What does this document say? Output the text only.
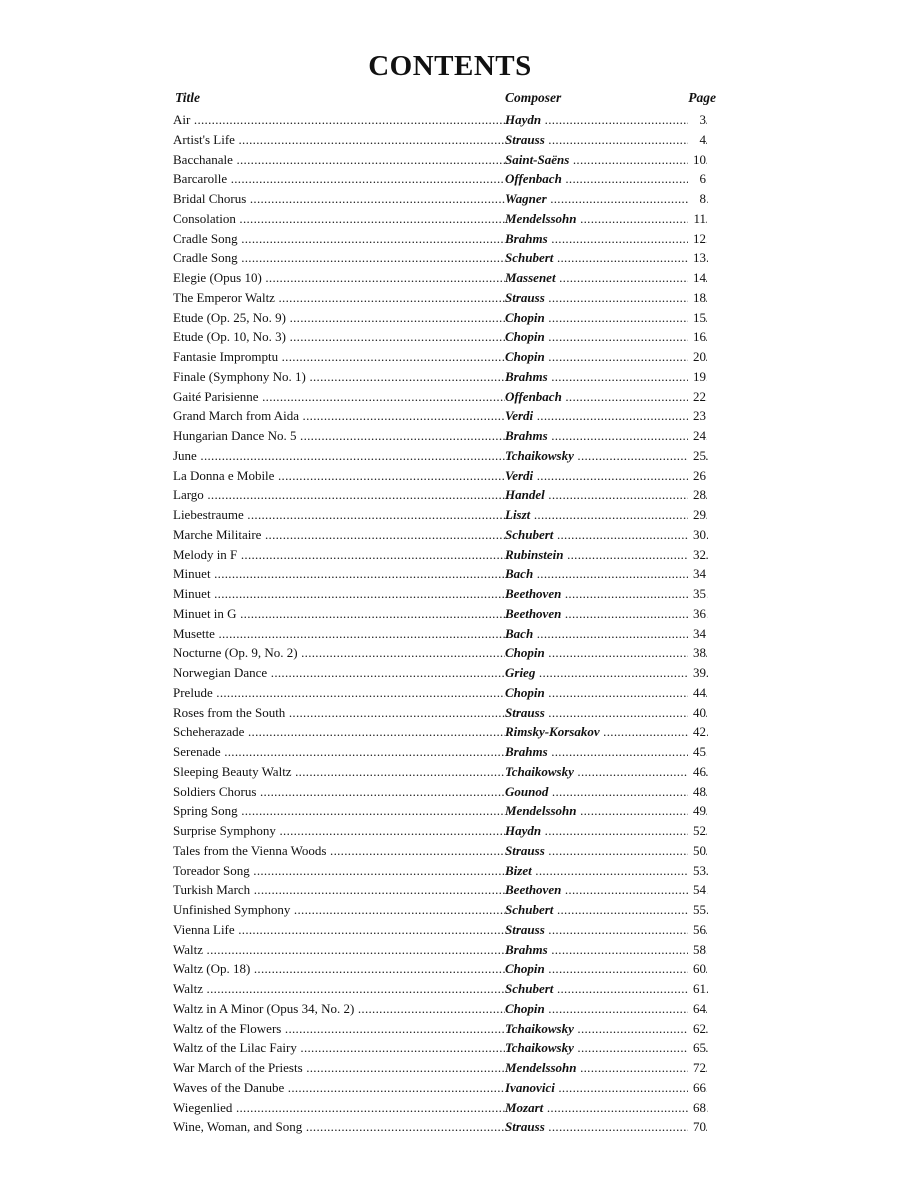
CONTENTS
Title	Composer	Page
Air .....	Haydn .....	3
Artist's Life .....	Strauss .....	4
Bacchanale .....	Saint-Saëns .....	10
Barcarolle .....	Offenbach .....	6
Bridal Chorus .....	Wagner .....	8
Consolation .....	Mendelssohn .....	11
Cradle Song .....	Brahms .....	12
Cradle Song .....	Schubert .....	13
Elegie (Opus 10) .....	Massenet .....	14
The Emperor Waltz .....	Strauss .....	18
Etude (Op. 25, No. 9) .....	Chopin .....	15
Etude (Op. 10, No. 3) .....	Chopin .....	16
Fantasie Impromptu .....	Chopin .....	20
Finale (Symphony No. 1) .....	Brahms .....	19
Gaité Parisienne .....	Offenbach .....	22
Grand March from Aida .....	Verdi .....	23
Hungarian Dance No. 5 .....	Brahms .....	24
June .....	Tchaikowsky .....	25
La Donna e Mobile .....	Verdi .....	26
Largo .....	Handel .....	28
Liebestraume .....	Liszt .....	29
Marche Militaire .....	Schubert .....	30
Melody in F .....	Rubinstein .....	32
Minuet .....	Bach .....	34
Minuet .....	Beethoven .....	35
Minuet in G .....	Beethoven .....	36
Musette .....	Bach .....	34
Nocturne (Op. 9, No. 2) .....	Chopin .....	38
Norwegian Dance .....	Grieg .....	39
Prelude .....	Chopin .....	44
Roses from the South .....	Strauss .....	40
Scheherazade .....	Rimsky-Korsakov .....	42
Serenade .....	Brahms .....	45
Sleeping Beauty Waltz .....	Tchaikowsky .....	46
Soldiers Chorus .....	Gounod .....	48
Spring Song .....	Mendelssohn .....	49
Surprise Symphony .....	Haydn .....	52
Tales from the Vienna Woods .....	Strauss .....	50
Toreador Song .....	Bizet .....	53
Turkish March .....	Beethoven .....	54
Unfinished Symphony .....	Schubert .....	55
Vienna Life .....	Strauss .....	56
Waltz .....	Brahms .....	58
Waltz (Op. 18) .....	Chopin .....	60
Waltz .....	Schubert .....	61
Waltz in A Minor (Opus 34, No. 2) .....	Chopin .....	64
Waltz of the Flowers .....	Tchaikowsky .....	62
Waltz of the Lilac Fairy .....	Tchaikowsky .....	65
War March of the Priests .....	Mendelssohn .....	72
Waves of the Danube .....	Ivanovici .....	66
Wiegenlied .....	Mozart .....	68
Wine, Woman, and Song .....	Strauss .....	70
